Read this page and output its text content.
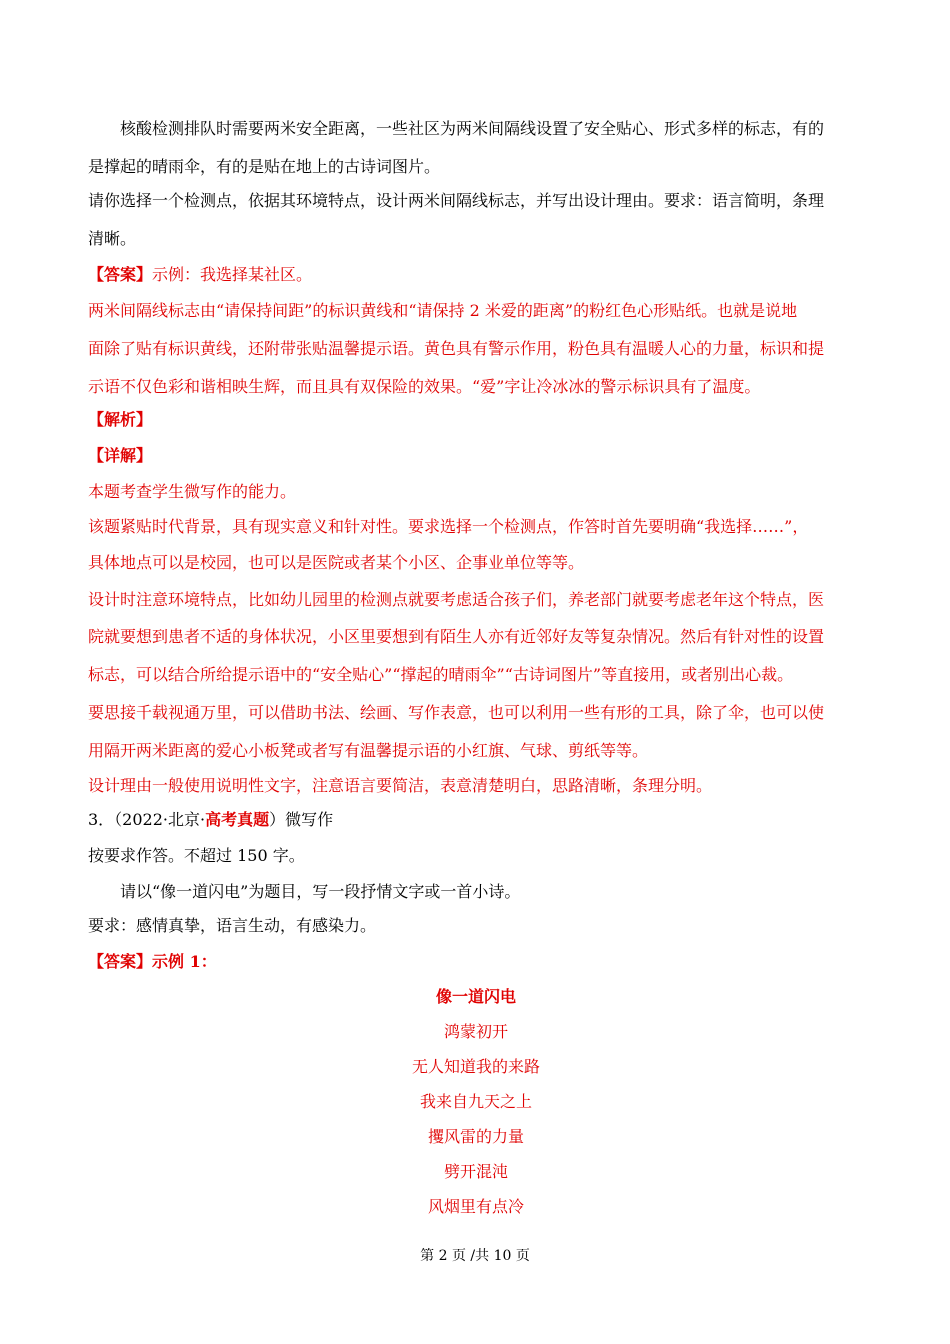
核酸检测排队时需要两米安全距离，一些社区为两米间隔线设置了安全贴心、形式多样的标志，有的

是撑起的晴雨伞，有的是贴在地上的古诗词图片。

请你选择一个检测点，依据其环境特点，设计两米间隔线标志，并写出设计理由。要求：语言简明，条理

清晰。

【答案】示例：我选择某社区。

两米间隔线标志由“请保持间距”的标识黄线和“请保持 2 米爱的距离”的粉红色心形贴纸。也就是说地

面除了贴有标识黄线，还附带张贴温馨提示语。黄色具有警示作用，粉色具有温暖人心的力量，标识和提

示语不仅色彩和谐相映生辉，而且具有双保险的效果。“爱”字让冷冰冰的警示标识具有了温度。

【解析】

【详解】

本题考查学生微写作的能力。

该题紧贴时代背景，具有现实意义和针对性。要求选择一个检测点，作答时首先要明确“我选择……”，

具体地点可以是校园，也可以是医院或者某个小区、企事业单位等等。

设计时注意环境特点，比如幼儿园里的检测点就要考虑适合孩子们，养老部门就要考虑老年这个特点，医

院就要想到患者不适的身体状况，小区里要想到有陌生人亦有近邻好友等复杂情况。然后有针对性的设置

标志，可以结合所给提示语中的“安全贴心”“撑起的晴雨伞”“古诗词图片”等直接用，或者别出心裁。

要思接千载视通万里，可以借助书法、绘画、写作表意，也可以利用一些有形的工具，除了伞，也可以使

用隔开两米距离的爱心小板凳或者写有温馨提示语的小红旗、气球、剪纸等等。

设计理由一般使用说明性文字，注意语言要简洁，表意清楚明白，思路清晰，条理分明。

3．（2022·北京·高考真题）微写作

按要求作答。不超过 150 字。

请以“像一道闪电”为题目，写一段抒情文字或一首小诗。

要求：感情真挚，语言生动，有感染力。

【答案】示例 1：

像一道闪电

鸿蒙初开

无人知道我的来路

我来自九天之上

攫风雷的力量

劈开混沌

风烟里有点冷

第 2 页 /共 10 页
